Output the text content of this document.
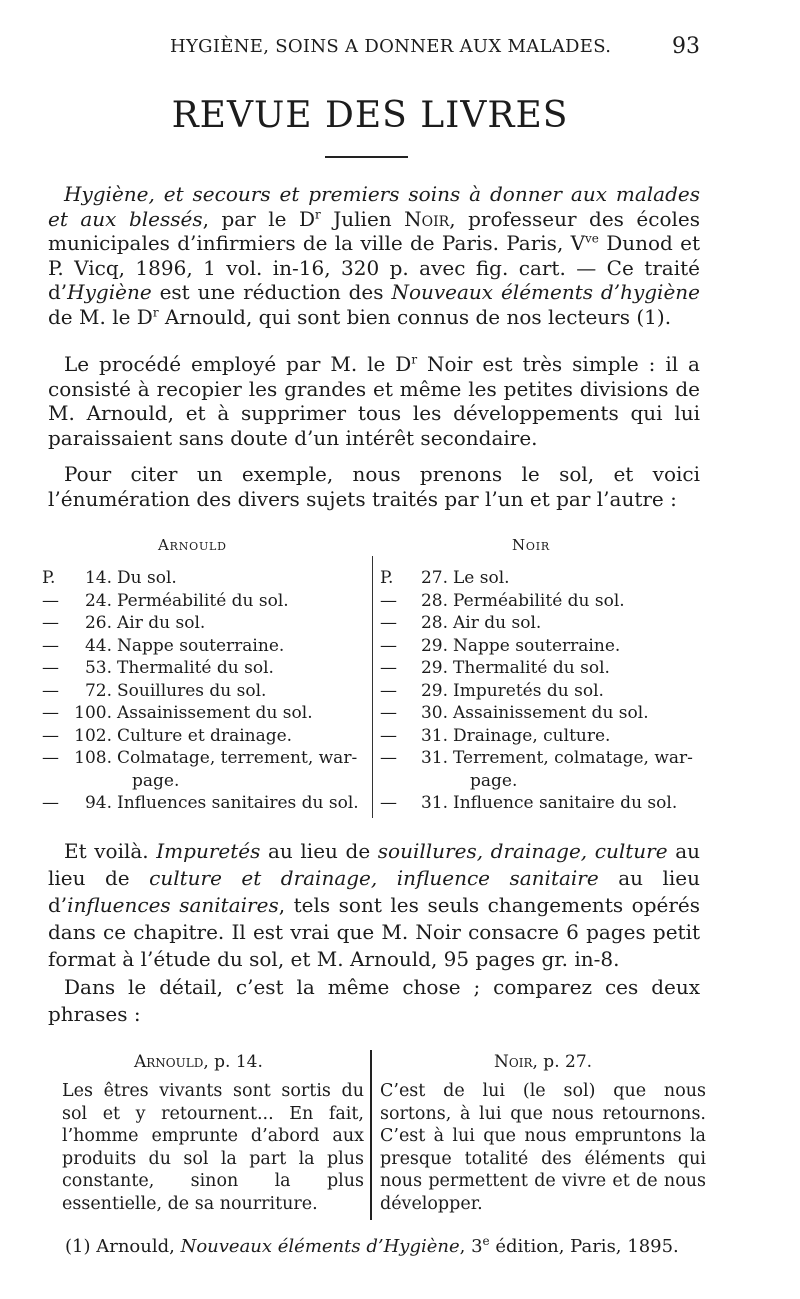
HYGIÈNE, SOINS A DONNER AUX MALADES.	93
REVUE DES LIVRES
Hygiène, et secours et premiers soins à donner aux malades et aux blessés, par le $D^r$ Julien Noir, professeur des écoles municipales d’infirmiers de la ville de Paris. Paris, $V^{ve}$ Dunod et P. Vicq, 1896, 1 vol. in-16, 320 p. avec fig. cart. — Ce traité d’Hygiène est une réduction des Nouveaux éléments d’hygiène de M. le $D^r$ Arnould, qui sont bien connus de nos lecteurs (1).
Le procédé employé par M. le $D^r$ Noir est très simple : il a consisté à recopier les grandes et même les petites divisions de M. Arnould, et à supprimer tous les développements qui lui paraissaient sans doute d’un intérêt secondaire.
Pour citer un exemple, nous prenons le sol, et voici l’énumération des divers sujets traités par l’un et par l’autre :
Arnould
P.	14. Du sol.
—	24. Perméabilité du sol.
—	26. Air du sol.
—	44. Nappe souterraine.
—	53. Thermalité du sol.
—	72. Souillures du sol.
— 100. Assainissement du sol.
— 102. Culture et drainage.
— 108. Colmatage, terrement, war-
page.
—	94. Influences sanitaires du sol.
Noir
P.	27. Le sol.
—	28. Perméabilité du sol.
—	28. Air du sol.
—	29. Nappe souterraine.
—	29. Thermalité du sol.
—	29. Impuretés du sol.
—	30. Assainissement du sol.
—	31. Drainage, culture.
—	31. Terrement, colmatage, war-
page.
—	31. Influence sanitaire du sol.
Et voilà. Impuretés au lieu de souillures, drainage, culture au lieu de culture et drainage, influence sanitaire au lieu d’influences sanitaires, tels sont les seuls changements opérés dans ce chapitre. Il est vrai que M. Noir consacre 6 pages petit format à l’étude du sol, et M. Arnould, 95 pages gr. in-8.
Dans le détail, c’est la même chose ; comparez ces deux phrases :
Arnould, p. 14.
Les êtres vivants sont sortis du sol et y retournent... En fait, l’homme emprunte d’abord aux produits du sol la part la plus constante, sinon la plus essentielle, de sa nourriture.
Noir, p. 27.
C’est de lui (le sol) que nous sortons, à lui que nous retournons. C’est à lui que nous empruntons la presque totalité des éléments qui nous permettent de vivre et de nous développer.
(1) Arnould, Nouveaux éléments d’Hygiène, 3e édition, Paris, 1895.
